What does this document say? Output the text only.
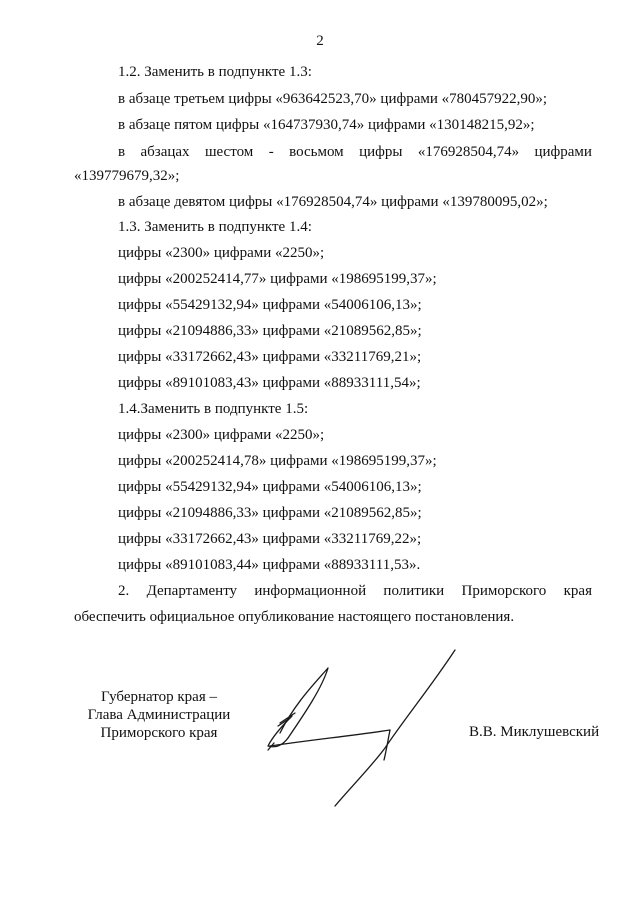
2
1.2. Заменить в подпункте 1.3:
в абзаце третьем цифры «963642523,70» цифрами «780457922,90»;
в абзаце пятом цифры «164737930,74» цифрами «130148215,92»;
в абзацах шестом - восьмом цифры «176928504,74» цифрами
«139779679,32»;
в абзаце девятом цифры «176928504,74» цифрами «139780095,02»;
1.3. Заменить в подпункте 1.4:
цифры «2300» цифрами «2250»;
цифры «200252414,77» цифрами «198695199,37»;
цифры «55429132,94» цифрами «54006106,13»;
цифры «21094886,33» цифрами «21089562,85»;
цифры «33172662,43» цифрами «33211769,21»;
цифры «89101083,43» цифрами «88933111,54»;
1.4.Заменить в подпункте 1.5:
цифры «2300» цифрами «2250»;
цифры «200252414,78» цифрами «198695199,37»;
цифры «55429132,94» цифрами «54006106,13»;
цифры «21094886,33» цифрами «21089562,85»;
цифры «33172662,43» цифрами «33211769,22»;
цифры «89101083,44» цифрами «88933111,53».
2. Департаменту информационной политики Приморского края
обеспечить официальное опубликование настоящего постановления.
Губернатор края –
Глава Администрации
Приморского края	В.В. Миклушевский
